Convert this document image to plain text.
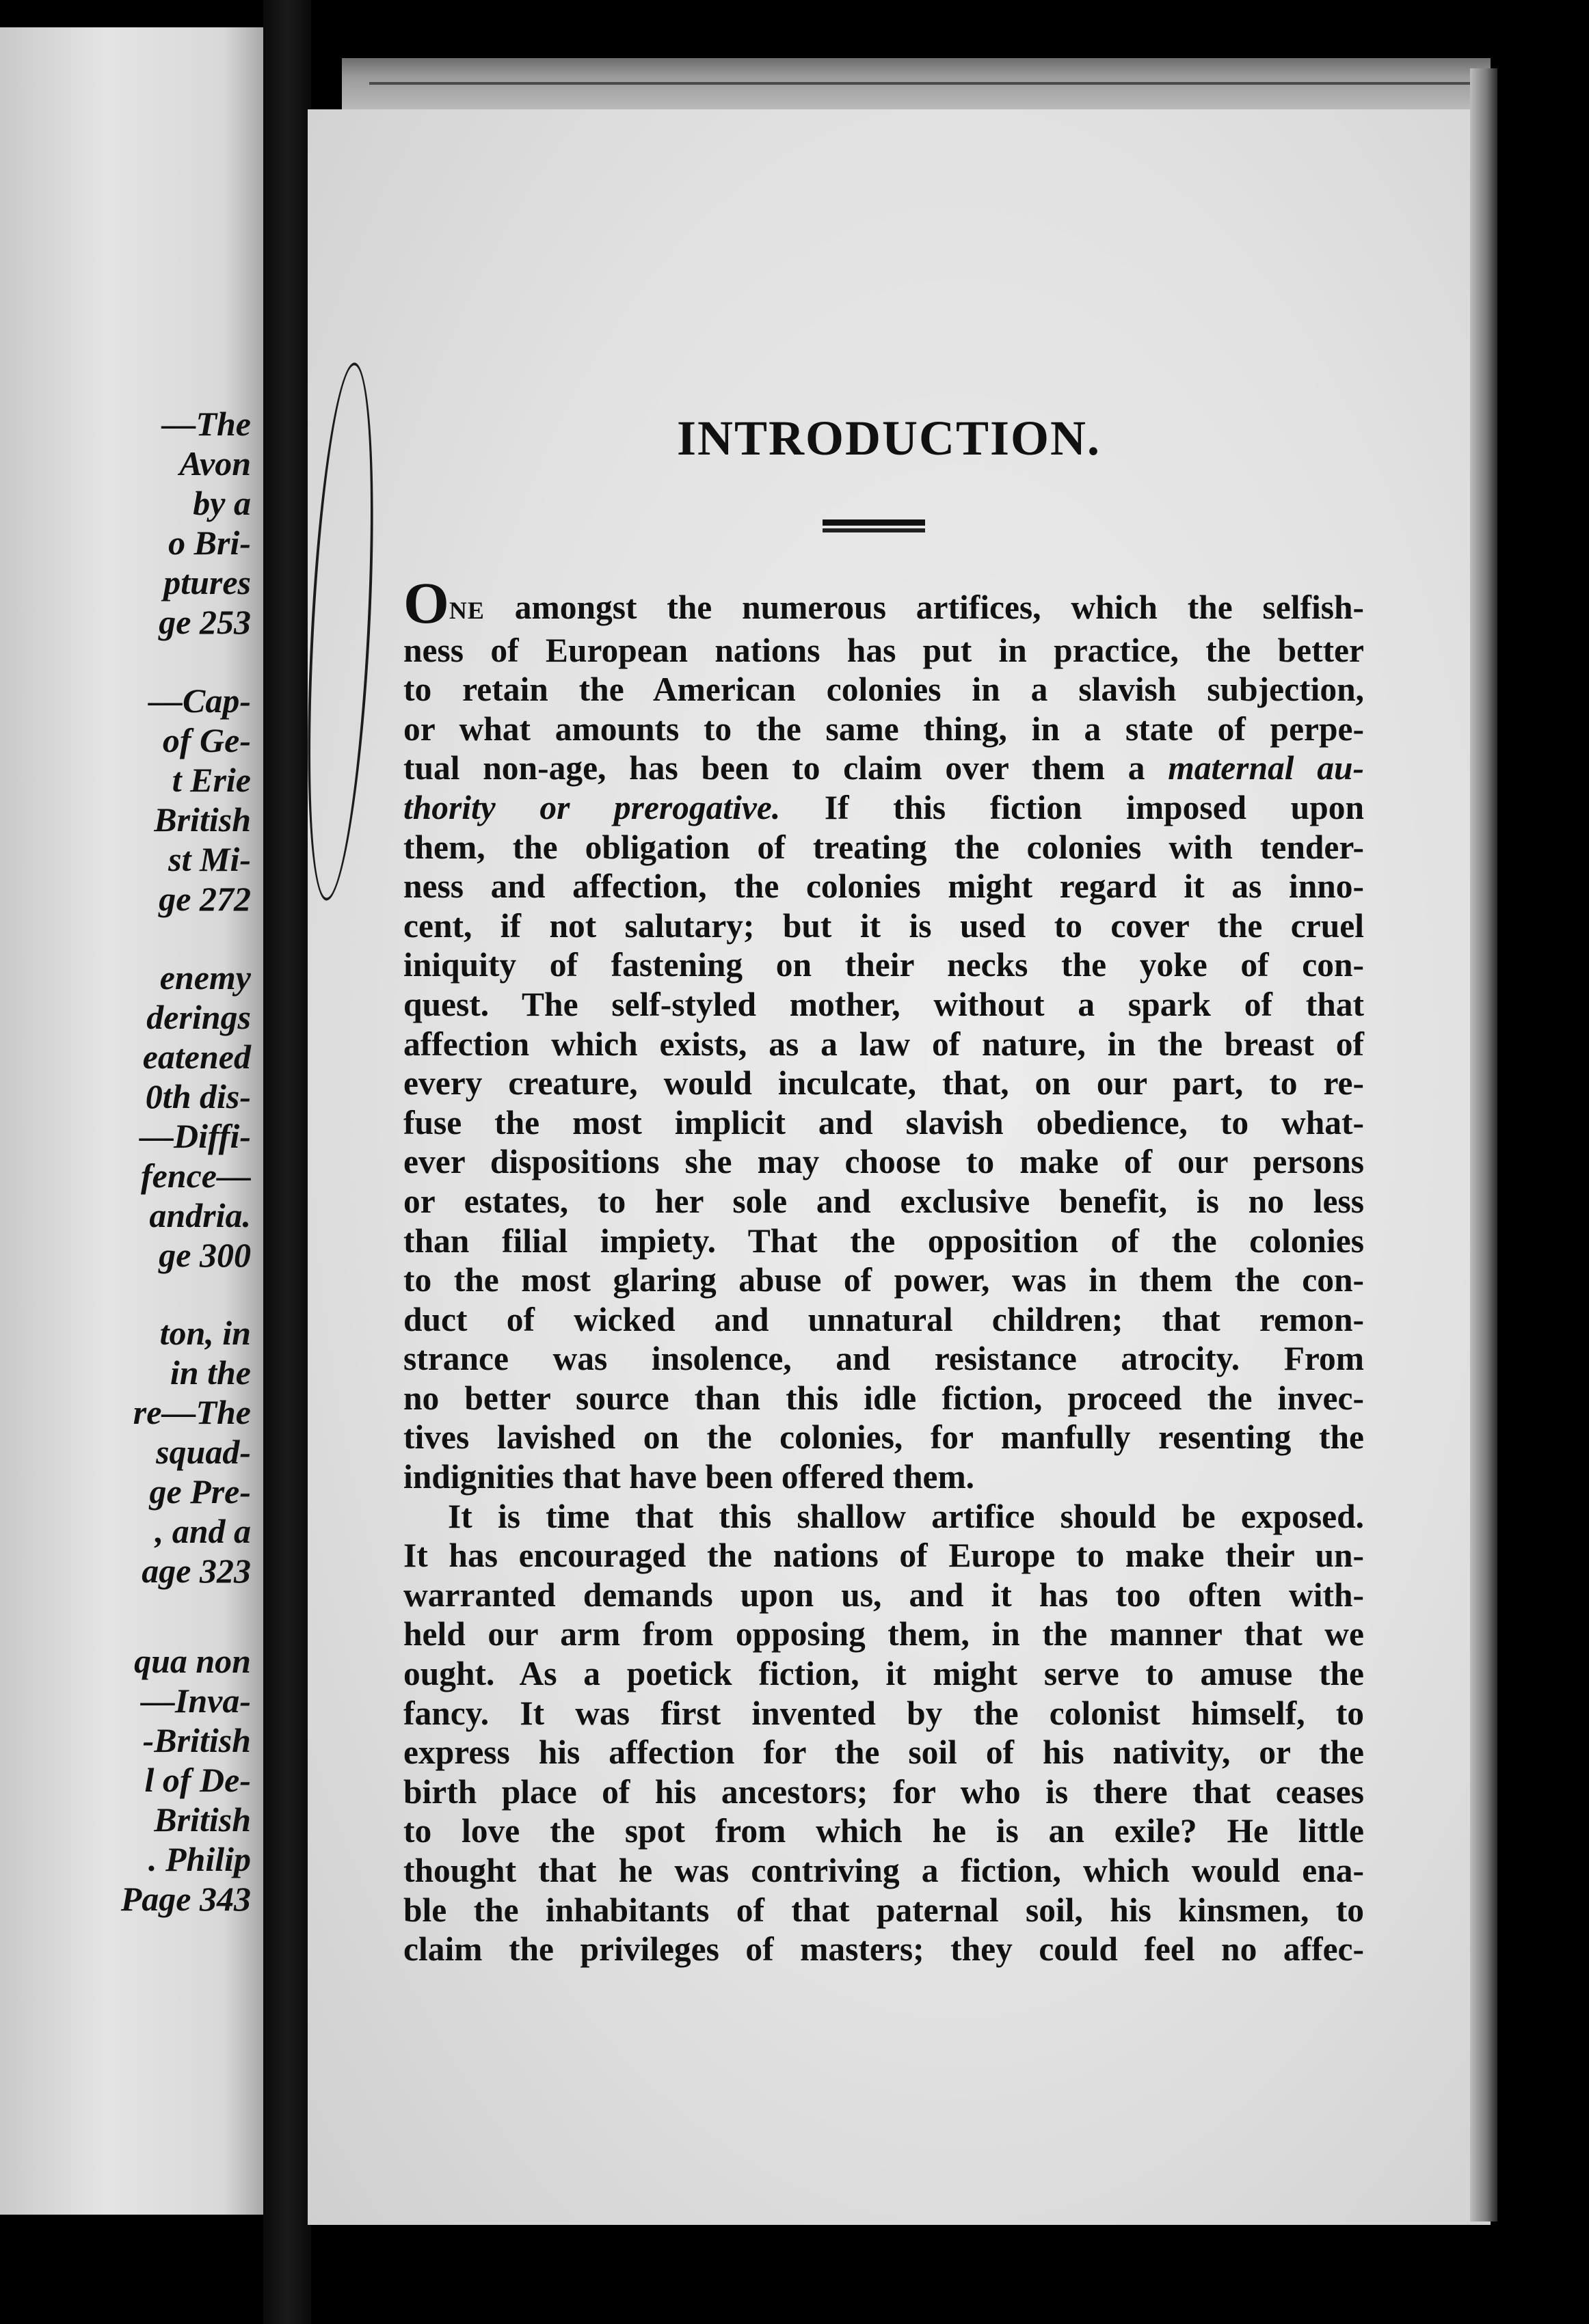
—The
Avon
by a
o Bri-
ptures
ge 253
—Cap-
of Ge-
t Erie
British
st Mi-
ge 272
enemy
derings
eatened
0th dis-
—Diffi-
fence—
andria.
ge 300
ton, in
in the
re—The
squad-
ge Pre-
, and a
age 323
qua non
—Inva-
-British
l of De-
British
. Philip
Page 343
INTRODUCTION.
ONE amongst the numerous artifices, which the selfish-
ness of European nations has put in practice, the better
to retain the American colonies in a slavish subjection,
or what amounts to the same thing, in a state of perpe-
tual non-age, has been to claim over them a maternal au-
thority or prerogative. If this fiction imposed upon
them, the obligation of treating the colonies with tender-
ness and affection, the colonies might regard it as inno-
cent, if not salutary; but it is used to cover the cruel
iniquity of fastening on their necks the yoke of con-
quest. The self-styled mother, without a spark of that
affection which exists, as a law of nature, in the breast of
every creature, would inculcate, that, on our part, to re-
fuse the most implicit and slavish obedience, to what-
ever dispositions she may choose to make of our persons
or estates, to her sole and exclusive benefit, is no less
than filial impiety. That the opposition of the colonies
to the most glaring abuse of power, was in them the con-
duct of wicked and unnatural children; that remon-
strance was insolence, and resistance atrocity. From
no better source than this idle fiction, proceed the invec-
tives lavished on the colonies, for manfully resenting the
indignities that have been offered them.
It is time that this shallow artifice should be exposed.
It has encouraged the nations of Europe to make their un-
warranted demands upon us, and it has too often with-
held our arm from opposing them, in the manner that we
ought. As a poetick fiction, it might serve to amuse the
fancy. It was first invented by the colonist himself, to
express his affection for the soil of his nativity, or the
birth place of his ancestors; for who is there that ceases
to love the spot from which he is an exile? He little
thought that he was contriving a fiction, which would ena-
ble the inhabitants of that paternal soil, his kinsmen, to
claim the privileges of masters; they could feel no affec-
